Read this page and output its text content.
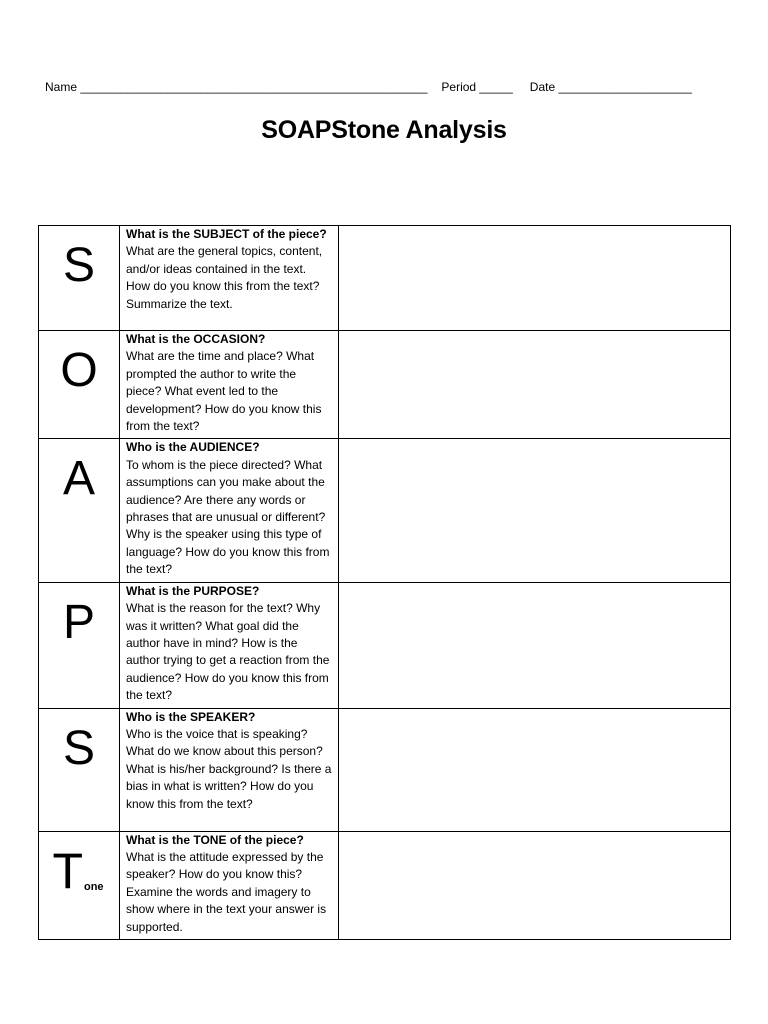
Name ____________________________________________________ Period _____ Date ____________________
SOAPStone Analysis
S	What is the SUBJECT of the piece?
What are the general topics, content, and/or ideas contained in the text. How do you know this from the text? Summarize the text.	

O	What is the OCCASION?
What are the time and place? What prompted the author to write the piece? What event led to the development? How do you know this from the text?	

A	Who is the AUDIENCE?
To whom is the piece directed? What assumptions can you make about the audience? Are there any words or phrases that are unusual or different? Why is the speaker using this type of language? How do you know this from the text?	

P	What is the PURPOSE?
What is the reason for the text? Why was it written? What goal did the author have in mind? How is the author trying to get a reaction from the audience? How do you know this from the text?	

S	Who is the SPEAKER?
Who is the voice that is speaking? What do we know about this person? What is his/her background? Is there a bias in what is written? How do you know this from the text?	

Tone	What is the TONE of the piece?
What is the attitude expressed by the speaker? How do you know this? Examine the words and imagery to show where in the text your answer is supported.	
